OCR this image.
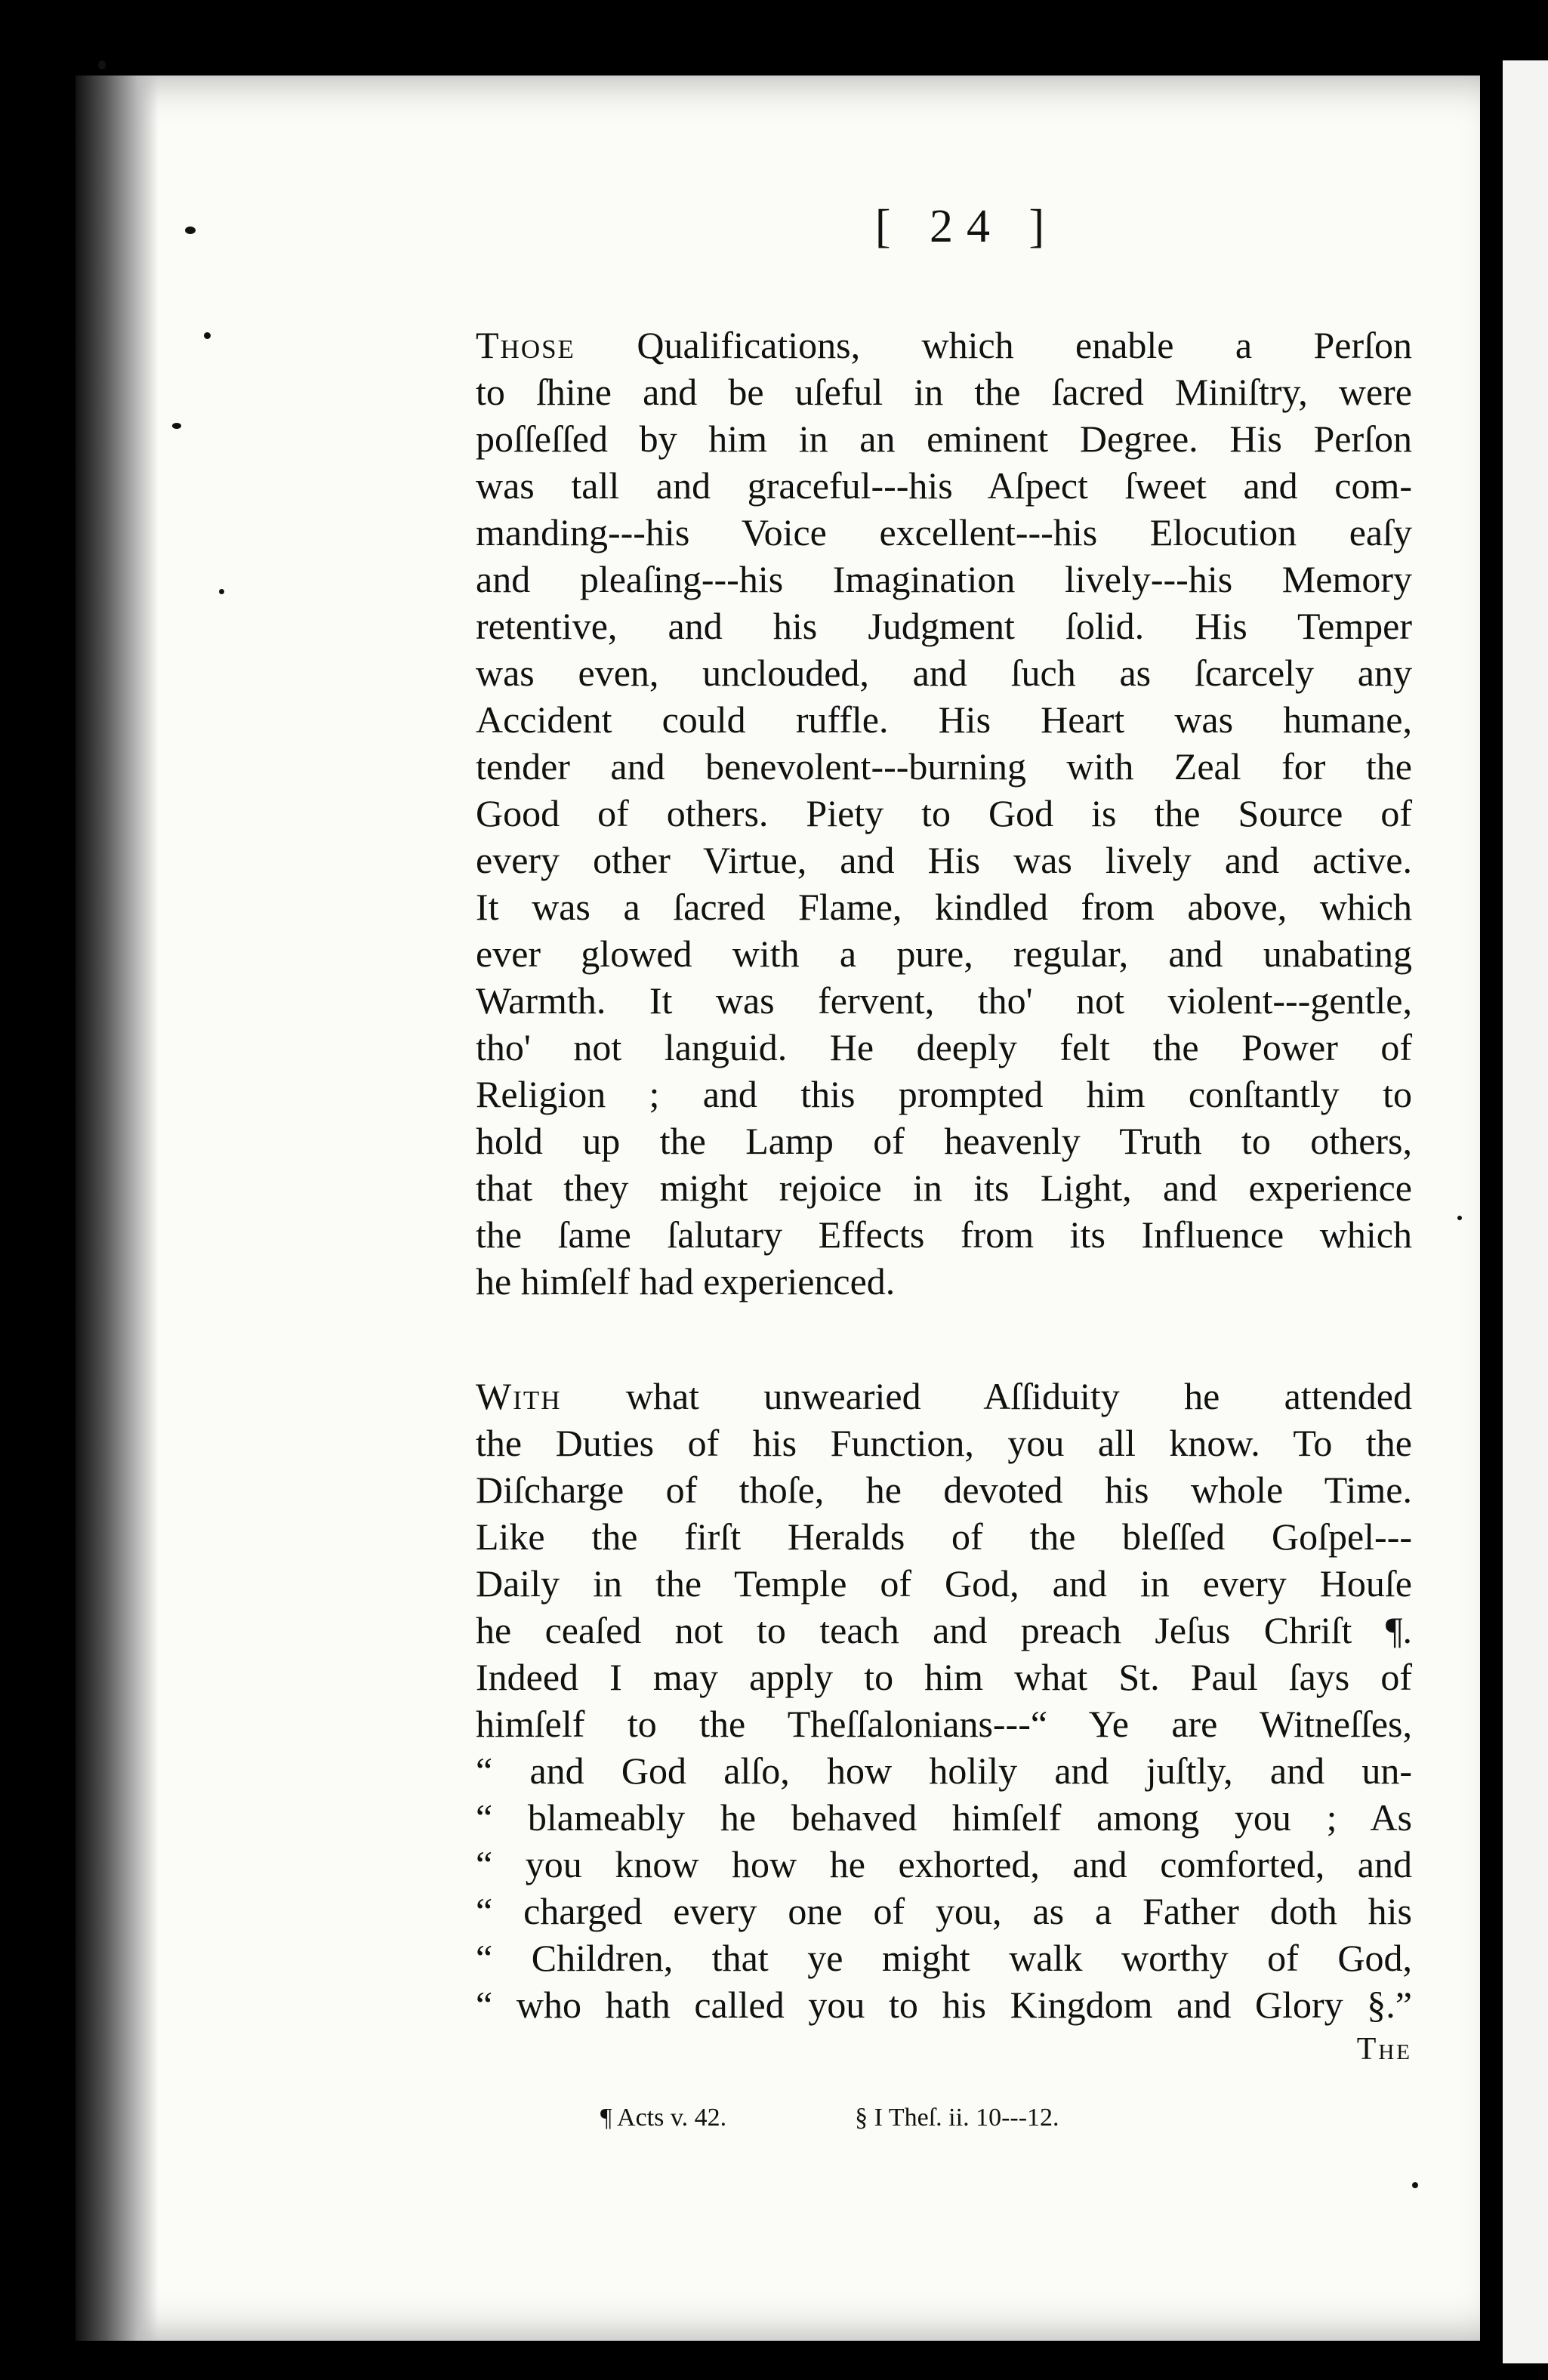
[ 24 ]

Those Qualifications, which enable a Perſon
to ſhine and be uſeful in the ſacred Miniſtry, were
poſſeſſed by him in an eminent Degree. His Perſon
was tall and graceful---his Aſpect ſweet and com-
manding---his Voice excellent---his Elocution eaſy
and pleaſing---his Imagination lively---his Memory
retentive, and his Judgment ſolid. His Temper
was even, unclouded, and ſuch as ſcarcely any
Accident could ruffle. His Heart was humane,
tender and benevolent---burning with Zeal for the
Good of others. Piety to God is the Source of
every other Virtue, and His was lively and active.
It was a ſacred Flame, kindled from above, which
ever glowed with a pure, regular, and unabating
Warmth. It was fervent, tho' not violent---gentle,
tho' not languid. He deeply felt the Power of
Religion ; and this prompted him conſtantly to
hold up the Lamp of heavenly Truth to others,
that they might rejoice in its Light, and experience
the ſame ſalutary Effects from its Influence which
he himſelf had experienced.

With what unwearied Aſſiduity he attended
the Duties of his Function, you all know. To the
Diſcharge of thoſe, he devoted his whole Time.
Like the firſt Heralds of the bleſſed Goſpel---
Daily in the Temple of God, and in every Houſe
he ceaſed not to teach and preach Jeſus Chriſt ¶.
Indeed I may apply to him what St. Paul ſays of
himſelf to the Theſſalonians---“ Ye are Witneſſes,
“ and God alſo, how holily and juſtly, and un-
“ blameably he behaved himſelf among you ; As
“ you know how he exhorted, and comforted, and
“ charged every one of you, as a Father doth his
“ Children, that ye might walk worthy of God,
“ who hath called you to his Kingdom and Glory §.”

The
¶ Acts v. 42.	§ I Theſ. ii. 10---12.
